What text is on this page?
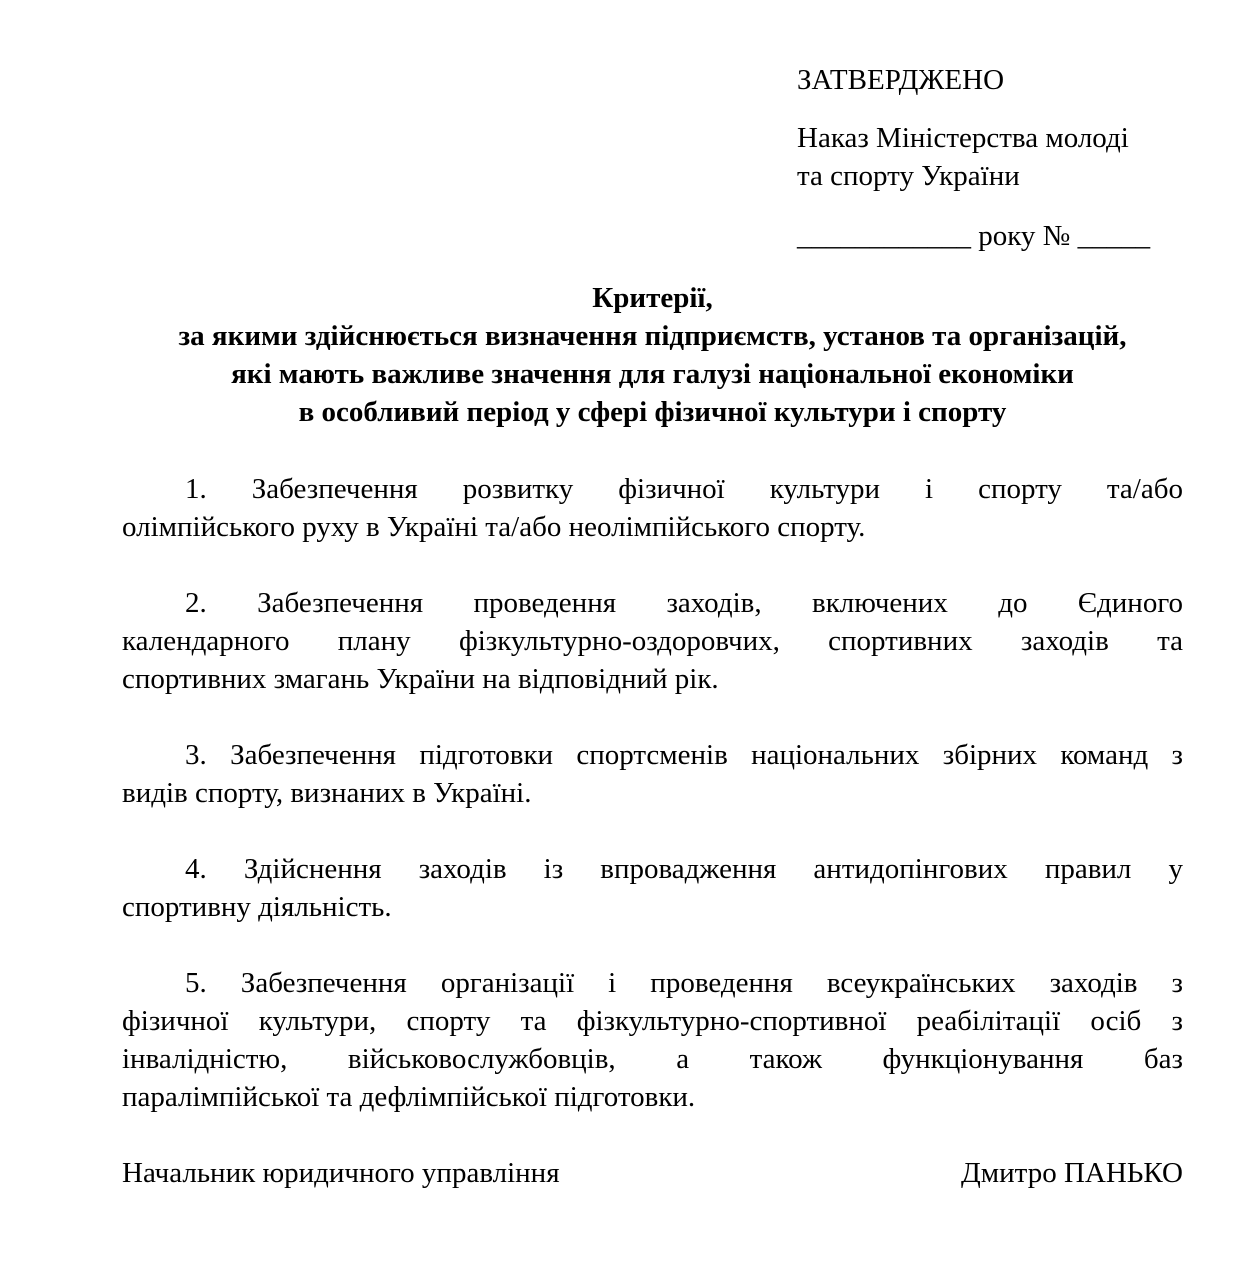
ЗАТВЕРДЖЕНО
Наказ Міністерства молоді
та спорту України
____________ року № _____
Критерії,
за якими здійснюється визначення підприємств, установ та організацій,
які мають важливе значення для галузі національної економіки
в особливий період у сфері фізичної культури і спорту
1. Забезпечення розвитку фізичної культури і спорту та/або
олімпійського руху в Україні та/або неолімпійського спорту.
2. Забезпечення проведення заходів, включених до Єдиного
календарного плану фізкультурно-оздоровчих, спортивних заходів та
спортивних змагань України на відповідний рік.
3. Забезпечення підготовки спортсменів національних збірних команд з
видів спорту, визнаних в Україні.
4. Здійснення заходів із впровадження антидопінгових правил у
спортивну діяльність.
5. Забезпечення організації і проведення всеукраїнських заходів з
фізичної культури, спорту та фізкультурно-спортивної реабілітації осіб з
інвалідністю, військовослужбовців, а також функціонування баз
паралімпійської та дефлімпійської підготовки.
Начальник юридичного управління	Дмитро ПАНЬКО
